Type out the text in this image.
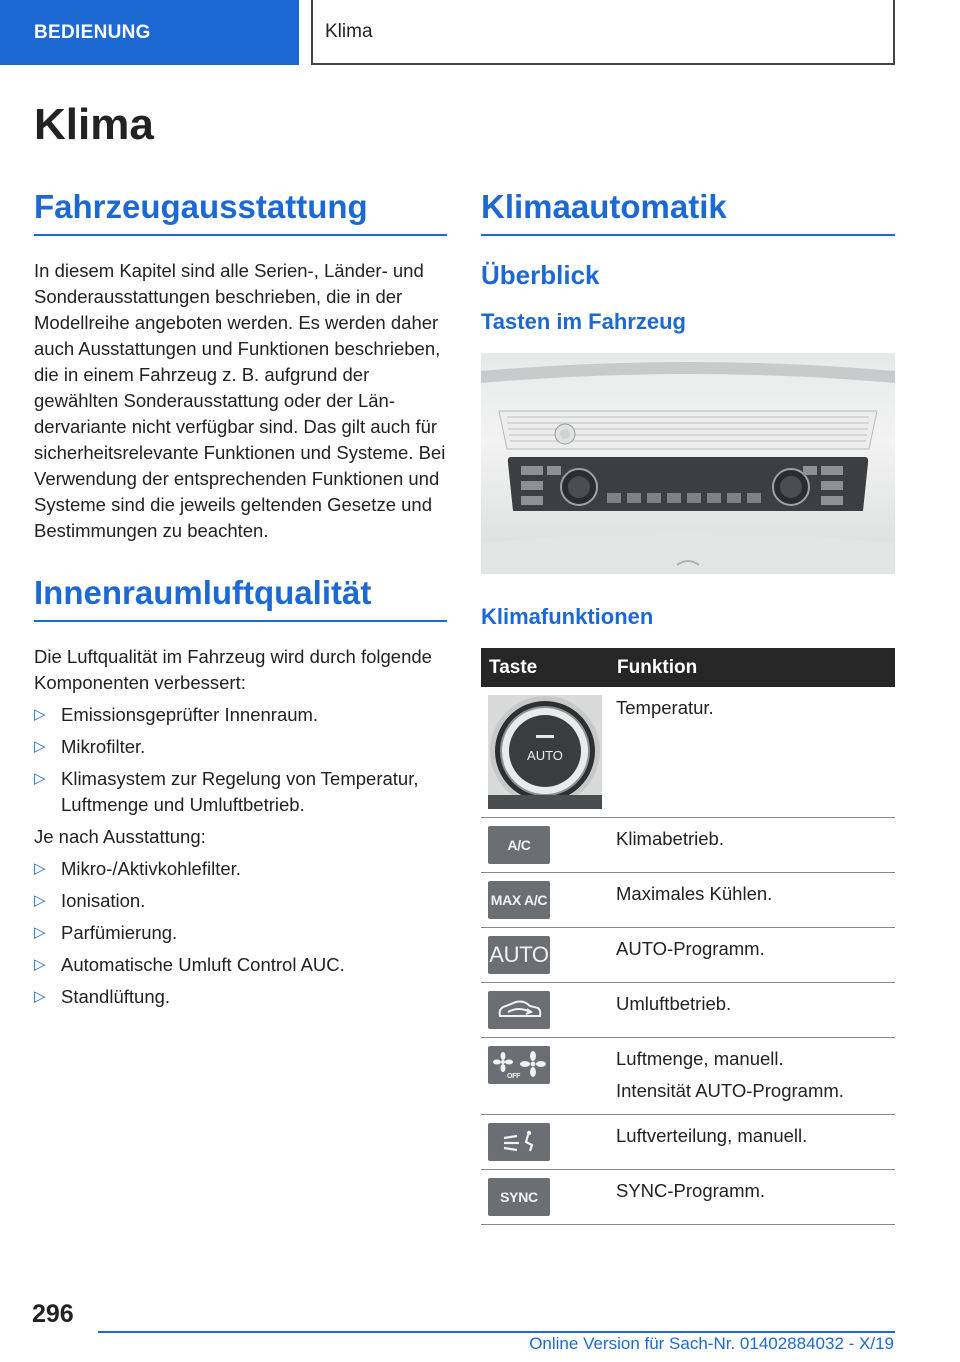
BEDIENUNG	Klima
Klima
Fahrzeugausstattung

In diesem Kapitel sind alle Serien-, Länder- und Sonderausstattungen beschrieben, die in der Modellreihe angeboten werden. Es werden daher auch Ausstattungen und Funktionen beschrieben, die in einem Fahrzeug z. B. aufgrund der gewählten Sonderausstattung oder der Ländervariante nicht verfügbar sind. Das gilt auch für sicherheitsrelevante Funktionen und Systeme. Bei Verwendung der entsprechenden Funktionen und Systeme sind die jeweils geltenden Gesetze und Bestimmungen zu beachten.

Innenraumluftqualität

Die Luftqualität im Fahrzeug wird durch folgende Komponenten verbessert:

▷ Emissionsgeprüfter Innenraum.
▷ Mikrofilter.
▷ Klimasystem zur Regelung von Temperatur, Luftmenge und Umluftbetrieb.

Je nach Ausstattung:

▷ Mikro-/Aktivkohlefilter.
▷ Ionisation.
▷ Parfümierung.
▷ Automatische Umluft Control AUC.
▷ Standlüftung.
Klimaautomatik
Überblick
Tasten im Fahrzeug
Klimafunktionen
Taste	Funktion

AUTO	Temperatur.

A/C	Klimabetrieb.

MAX A/C	Maximales Kühlen.

AUTO	AUTO-Programm.

	Umluftbetrieb.

OFF	Luftmenge, manuell.
Intensität AUTO-Programm.

	Luftverteilung, manuell.

SYNC	SYNC-Programm.
296
Online Version für Sach-Nr. 01402884032 - X/19
